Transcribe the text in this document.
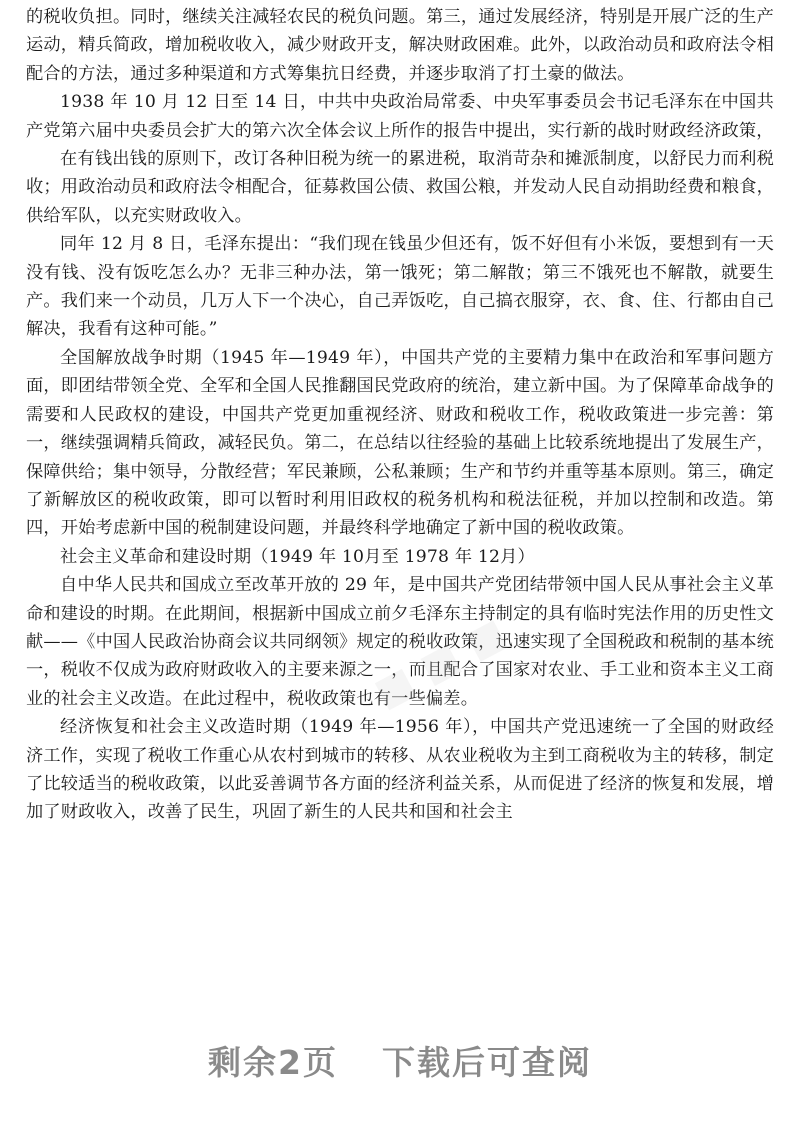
的税收负担。同时，继续关注减轻农民的税负问题。第三，通过发展经济，特别是开展广泛的生产运动，精兵简政，增加税收收入，减少财政开支，解决财政困难。此外，以政治动员和政府法令相配合的方法，通过多种渠道和方式筹集抗日经费，并逐步取消了打土豪的做法。

1938 年 10 月 12 日至 14 日，中共中央政治局常委、中央军事委员会书记毛泽东在中国共产党第六届中央委员会扩大的第六次全体会议上所作的报告中提出，实行新的战时财政经济政策，

在有钱出钱的原则下，改订各种旧税为统一的累进税，取消苛杂和摊派制度，以舒民力而利税收；用政治动员和政府法令相配合，征募救国公债、救国公粮，并发动人民自动捐助经费和粮食，供给军队，以充实财政收入。

同年 12 月 8 日，毛泽东提出：“我们现在钱虽少但还有，饭不好但有小米饭，要想到有一天没有钱、没有饭吃怎么办？无非三种办法，第一饿死；第二解散；第三不饿死也不解散，就要生产。我们来一个动员，几万人下一个决心，自己弄饭吃，自己搞衣服穿，衣、食、住、行都由自己解决，我看有这种可能。”

全国解放战争时期（1945 年—1949 年），中国共产党的主要精力集中在政治和军事问题方面，即团结带领全党、全军和全国人民推翻国民党政府的统治，建立新中国。为了保障革命战争的需要和人民政权的建设，中国共产党更加重视经济、财政和税收工作，税收政策进一步完善：第一，继续强调精兵简政，减轻民负。第二，在总结以往经验的基础上比较系统地提出了发展生产，保障供给；集中领导，分散经营；军民兼顾，公私兼顾；生产和节约并重等基本原则。第三，确定了新解放区的税收政策，即可以暂时利用旧政权的税务机构和税法征税，并加以控制和改造。第四，开始考虑新中国的税制建设问题，并最终科学地确定了新中国的税收政策。

社会主义革命和建设时期（1949 年 10月至 1978 年 12月）

自中华人民共和国成立至改革开放的 29 年，是中国共产党团结带领中国人民从事社会主义革命和建设的时期。在此期间，根据新中国成立前夕毛泽东主持制定的具有临时宪法作用的历史性文献——《中国人民政治协商会议共同纲领》规定的税收政策，迅速实现了全国税政和税制的基本统一，税收不仅成为政府财政收入的主要来源之一，而且配合了国家对农业、手工业和资本主义工商业的社会主义改造。在此过程中，税收政策也有一些偏差。

经济恢复和社会主义改造时期（1949 年—1956 年），中国共产党迅速统一了全国的财政经济工作，实现了税收工作重心从农村到城市的转移、从农业税收为主到工商税收为主的转移，制定了比较适当的税收政策，以此妥善调节各方面的经济利益关系，从而促进了经济的恢复和发展，增加了财政收入，改善了民生，巩固了新生的人民共和国和社会主

■ ■ ■
剩余2页 下载后可查阅
